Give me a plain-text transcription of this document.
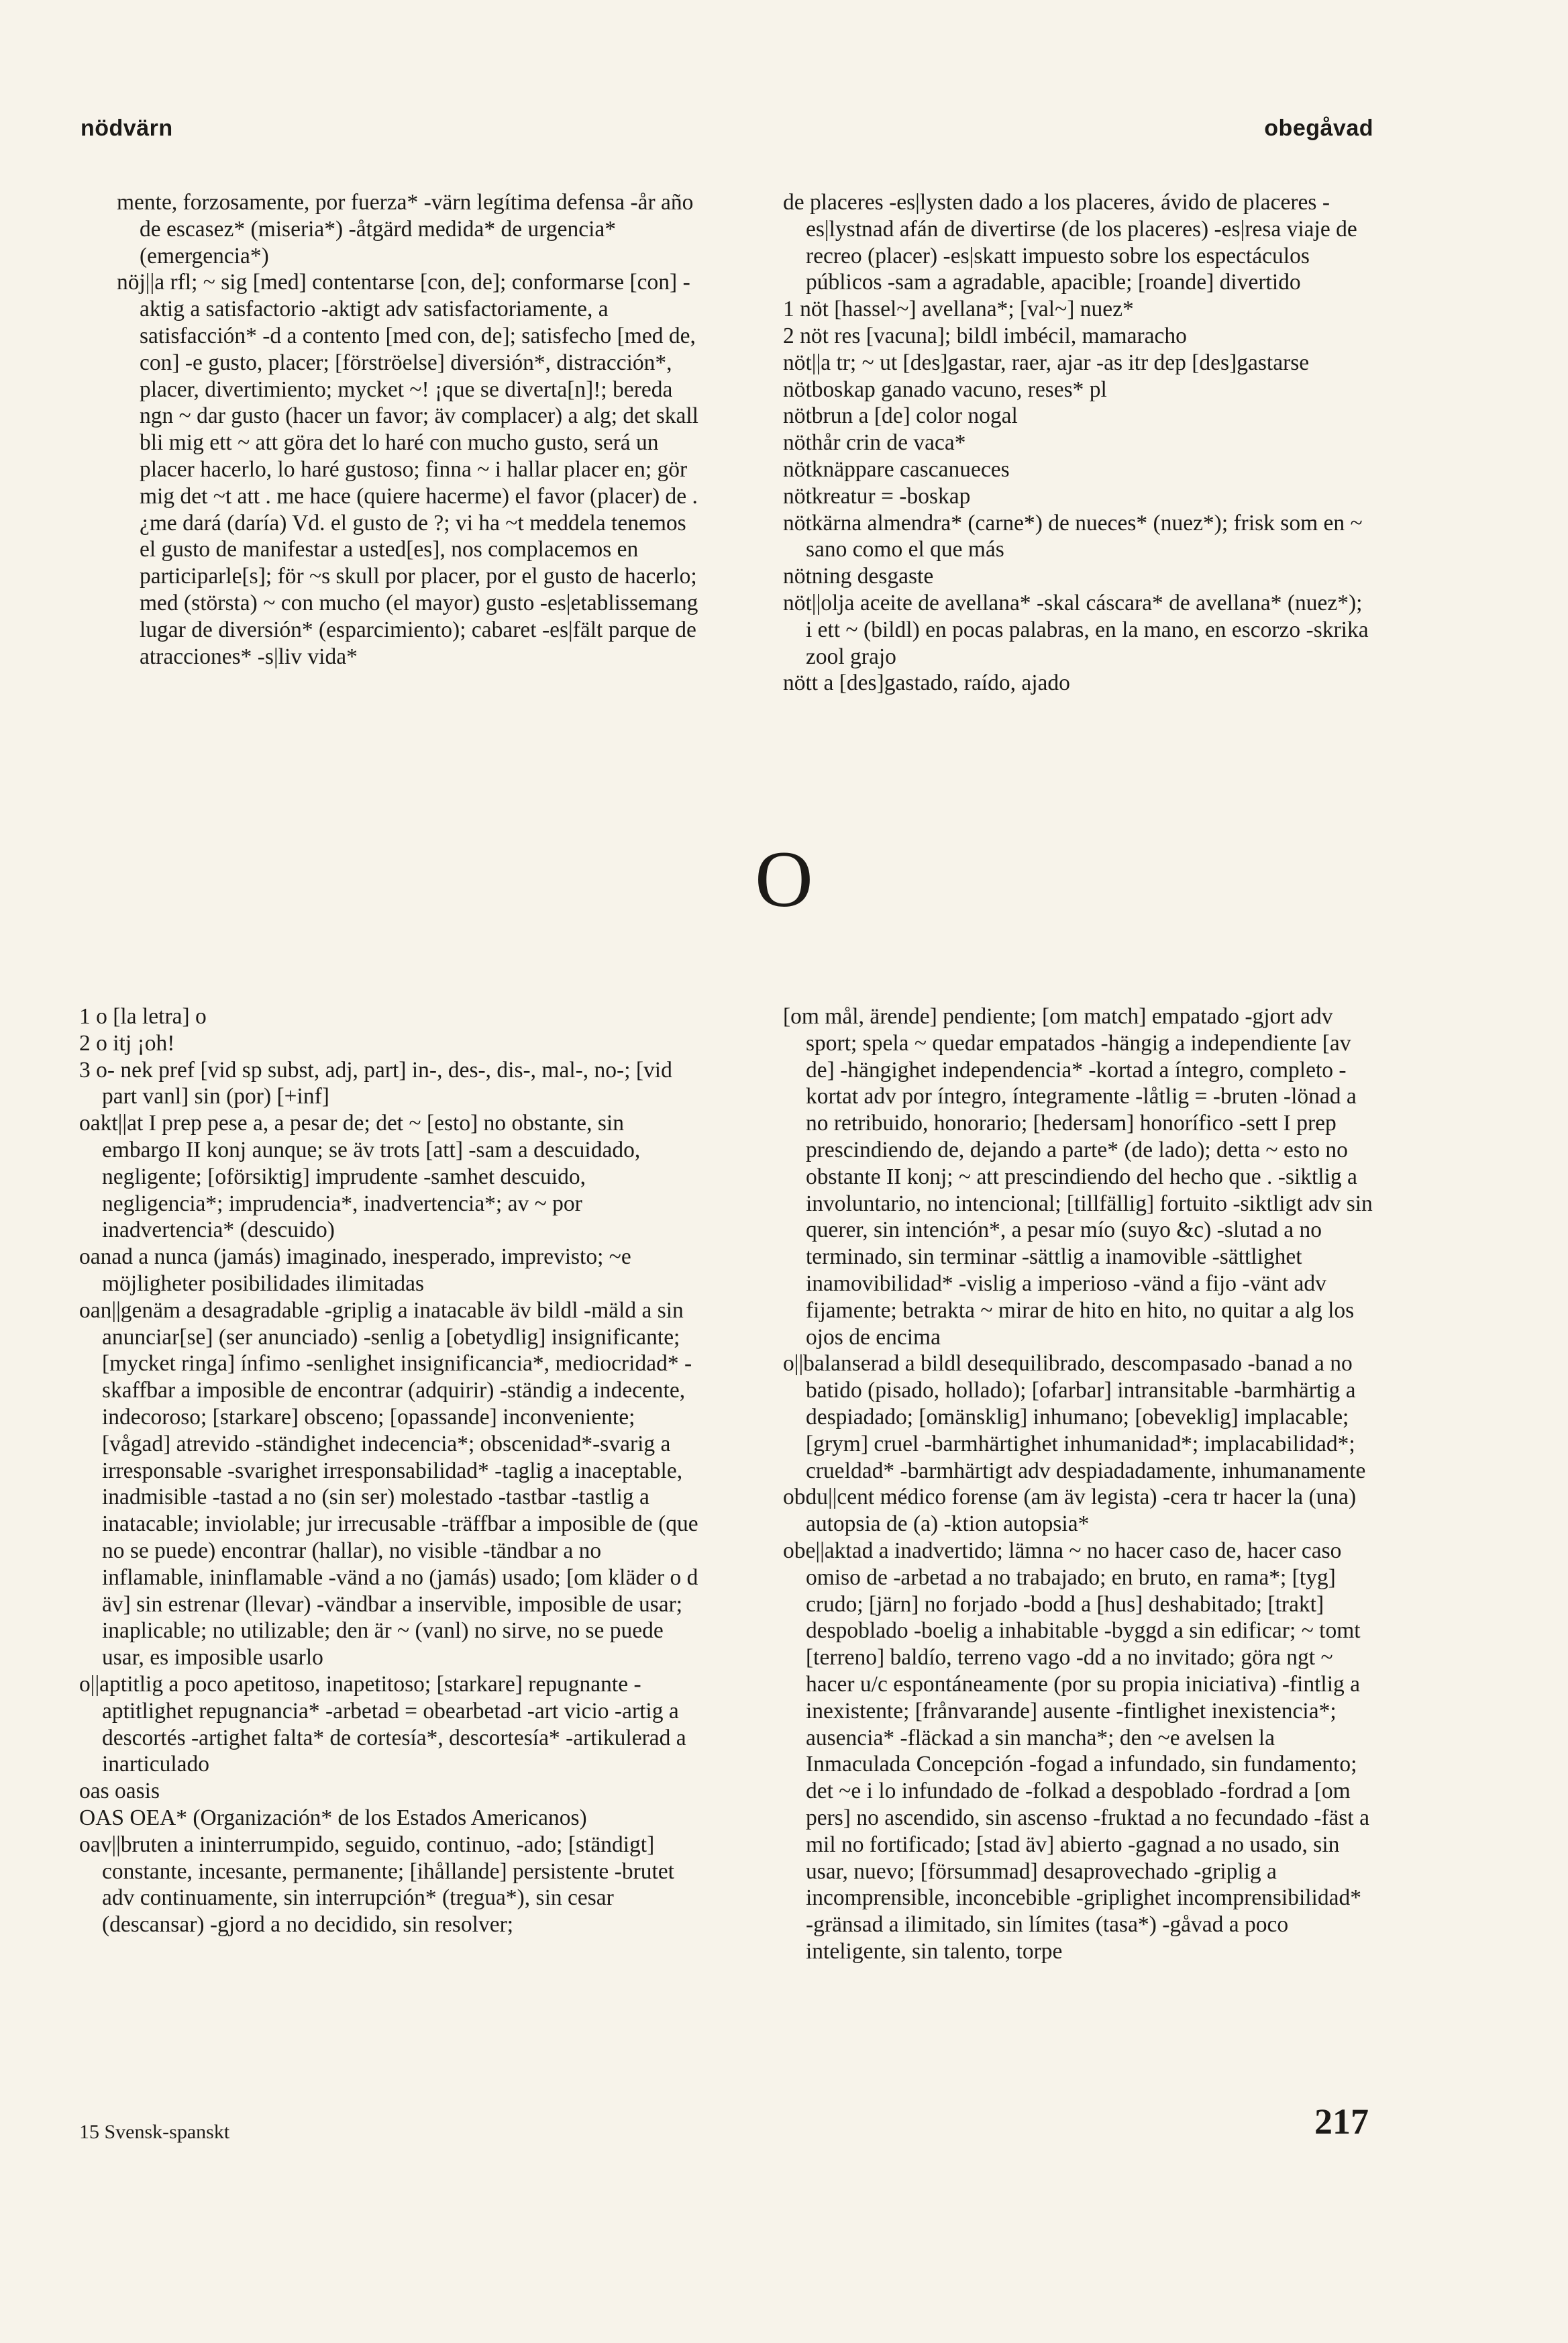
nödvärn	obegåvad

mente, forzosamente, por fuerza* -värn legítima defensa -år año de escasez* (miseria*) -åtgärd medida* de urgencia* (emergencia*)

nöj||a rfl; ~ sig [med] contentarse [con, de]; conformarse [con] -aktig a satisfactorio -aktigt adv satisfactoriamente, a satisfacción* -d a contento [med con, de]; satisfecho [med de, con] -e gusto, placer; [förströelse] diversión*, distracción*, placer, divertimiento; mycket ~! ¡que se diverta[n]!; bereda ngn ~ dar gusto (hacer un favor; äv complacer) a alg; det skall bli mig ett ~ att göra det lo haré con mucho gusto, será un placer hacerlo, lo haré gustoso; finna ~ i hallar placer en; gör mig det ~t att . me hace (quiere hacerme) el favor (placer) de . ¿me dará (daría) Vd. el gusto de ?; vi ha ~t meddela tenemos el gusto de manifestar a usted[es], nos complacemos en participarle[s]; för ~s skull por placer, por el gusto de hacerlo; med (största) ~ con mucho (el mayor) gusto -es|etablissemang lugar de diversión* (esparcimiento); cabaret -es|fält parque de atracciones* -s|liv vida*

de placeres -es|lysten dado a los placeres, ávido de placeres -es|lystnad afán de divertirse (de los placeres) -es|resa viaje de recreo (placer) -es|skatt impuesto sobre los espectáculos públicos -sam a agradable, apacible; [roande] divertido

1 nöt [hassel~] avellana*; [val~] nuez*

2 nöt res [vacuna]; bildl imbécil, mamaracho

nöt||a tr; ~ ut [des]gastar, raer, ajar -as itr dep [des]gastarse

nötboskap ganado vacuno, reses* pl

nötbrun a [de] color nogal

nöthår crin de vaca*

nötknäppare cascanueces

nötkreatur = -boskap

nötkärna almendra* (carne*) de nueces* (nuez*); frisk som en ~ sano como el que más

nötning desgaste

nöt||olja aceite de avellana* -skal cáscara* de avellana* (nuez*); i ett ~ (bildl) en pocas palabras, en la mano, en escorzo -skrika zool grajo

nött a [des]gastado, raído, ajado

O

1 o [la letra] o

2 o itj ¡oh!

3 o- nek pref [vid sp subst, adj, part] in-, des-, dis-, mal-, no-; [vid part vanl] sin (por) [+inf]

oakt||at I prep pese a, a pesar de; det ~ [esto] no obstante, sin embargo II konj aunque; se äv trots [att] -sam a descuidado, negligente; [oförsiktig] imprudente -samhet descuido, negligencia*; imprudencia*, inadvertencia*; av ~ por inadvertencia* (descuido)

oanad a nunca (jamás) imaginado, inesperado, imprevisto; ~e möjligheter posibilidades ilimitadas

oan||genäm a desagradable -griplig a inatacable äv bildl -mäld a sin anunciar[se] (ser anunciado) -senlig a [obetydlig] insignificante; [mycket ringa] ínfimo -senlighet insignificancia*, mediocridad* -skaffbar a imposible de encontrar (adquirir) -ständig a indecente, indecoroso; [starkare] obsceno; [opassande] inconveniente; [vågad] atrevido -ständighet indecencia*; obscenidad*-svarig a irresponsable -svarighet irresponsabilidad* -taglig a inaceptable, inadmisible -tastad a no (sin ser) molestado -tastbar -tastlig a inatacable; inviolable; jur irrecusable -träffbar a imposible de (que no se puede) encontrar (hallar), no visible -tändbar a no inflamable, ininflamable -vänd a no (jamás) usado; [om kläder o d äv] sin estrenar (llevar) -vändbar a inservible, imposible de usar; inaplicable; no utilizable; den är ~ (vanl) no sirve, no se puede usar, es imposible usarlo

o||aptitlig a poco apetitoso, inapetitoso; [starkare] repugnante -aptitlighet repugnancia* -arbetad = obearbetad -art vicio -artig a descortés -artighet falta* de cortesía*, descortesía* -artikulerad a inarticulado

oas oasis

OAS OEA* (Organización* de los Estados Americanos)

oav||bruten a ininterrumpido, seguido, continuo, -ado; [ständigt] constante, incesante, permanente; [ihållande] persistente -brutet adv continuamente, sin interrupción* (tregua*), sin cesar (descansar) -gjord a no decidido, sin resolver;

[om mål, ärende] pendiente; [om match] empatado -gjort adv sport; spela ~ quedar empatados -hängig a independiente [av de] -hängighet independencia* -kortad a íntegro, completo -kortat adv por íntegro, íntegramente -låtlig = -bruten -lönad a no retribuido, honorario; [hedersam] honorífico -sett I prep prescindiendo de, dejando a parte* (de lado); detta ~ esto no obstante II konj; ~ att prescindiendo del hecho que . -siktlig a involuntario, no intencional; [tillfällig] fortuito -siktligt adv sin querer, sin intención*, a pesar mío (suyo &c) -slutad a no terminado, sin terminar -sättlig a inamovible -sättlighet inamovibilidad* -vislig a imperioso -vänd a fijo -vänt adv fijamente; betrakta ~ mirar de hito en hito, no quitar a alg los ojos de encima

o||balanserad a bildl desequilibrado, descompasado -banad a no batido (pisado, hollado); [ofarbar] intransitable -barmhärtig a despiadado; [omänsklig] inhumano; [obeveklig] implacable; [grym] cruel -barmhärtighet inhumanidad*; implacabilidad*; crueldad* -barmhärtigt adv despiadadamente, inhumanamente

obdu||cent médico forense (am äv legista) -cera tr hacer la (una) autopsia de (a) -ktion autopsia*

obe||aktad a inadvertido; lämna ~ no hacer caso de, hacer caso omiso de -arbetad a no trabajado; en bruto, en rama*; [tyg] crudo; [järn] no forjado -bodd a [hus] deshabitado; [trakt] despoblado -boelig a inhabitable -byggd a sin edificar; ~ tomt [terreno] baldío, terreno vago -dd a no invitado; göra ngt ~ hacer u/c espontáneamente (por su propia iniciativa) -fintlig a inexistente; [frånvarande] ausente -fintlighet inexistencia*; ausencia* -fläckad a sin mancha*; den ~e avelsen la Inmaculada Concepción -fogad a infundado, sin fundamento; det ~e i lo infundado de -folkad a despoblado -fordrad a [om pers] no ascendido, sin ascenso -fruktad a no fecundado -fäst a mil no fortificado; [stad äv] abierto -gagnad a no usado, sin usar, nuevo; [försummad] desaprovechado -griplig a incomprensible, inconcebible -griplighet incomprensibilidad* -gränsad a ilimitado, sin límites (tasa*) -gåvad a poco inteligente, sin talento, torpe

15 Svensk-spanskt	217
